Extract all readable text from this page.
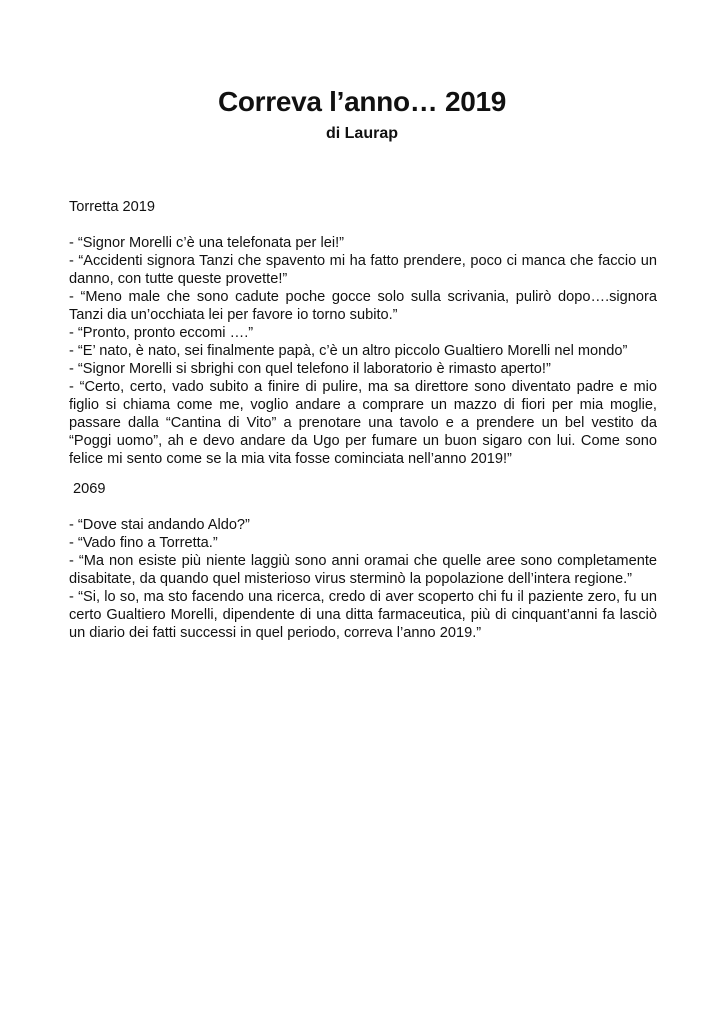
Correva l’anno… 2019
di Laurap

Torretta 2019

- “Signor Morelli c’è una telefonata per lei!”

- “Accidenti signora Tanzi che spavento mi ha fatto prendere, poco ci manca che faccio un danno, con tutte queste provette!”

- “Meno male che sono cadute poche gocce solo sulla scrivania, pulirò dopo….signora Tanzi dia un’occhiata lei per favore io torno subito.”

- “Pronto, pronto eccomi ….”

- “E’ nato, è nato, sei finalmente papà, c’è un altro piccolo Gualtiero Morelli nel mondo”

- “Signor Morelli si sbrighi con quel telefono il laboratorio è rimasto aperto!”

- “Certo, certo, vado subito a finire di pulire, ma sa direttore sono diventato padre e mio figlio si chiama come me, voglio andare a comprare un mazzo di fiori per mia moglie, passare dalla “Cantina di Vito” a prenotare una tavolo e a prendere un bel vestito da “Poggi uomo”, ah e devo andare da Ugo per fumare un buon sigaro con lui. Come sono felice mi sento come se la mia vita fosse cominciata nell’anno 2019!”

2069

- “Dove stai andando Aldo?”

- “Vado fino a Torretta.”

- “Ma non esiste più niente laggiù sono anni oramai che quelle aree sono completamente disabitate, da quando quel misterioso virus sterminò la popolazione dell’intera regione.”

- “Si, lo so, ma sto facendo una ricerca, credo di aver scoperto chi fu il paziente zero, fu un certo Gualtiero Morelli, dipendente di una ditta farmaceutica, più di cinquant’anni fa lasciò un diario dei fatti successi in quel periodo, correva l’anno 2019.”
